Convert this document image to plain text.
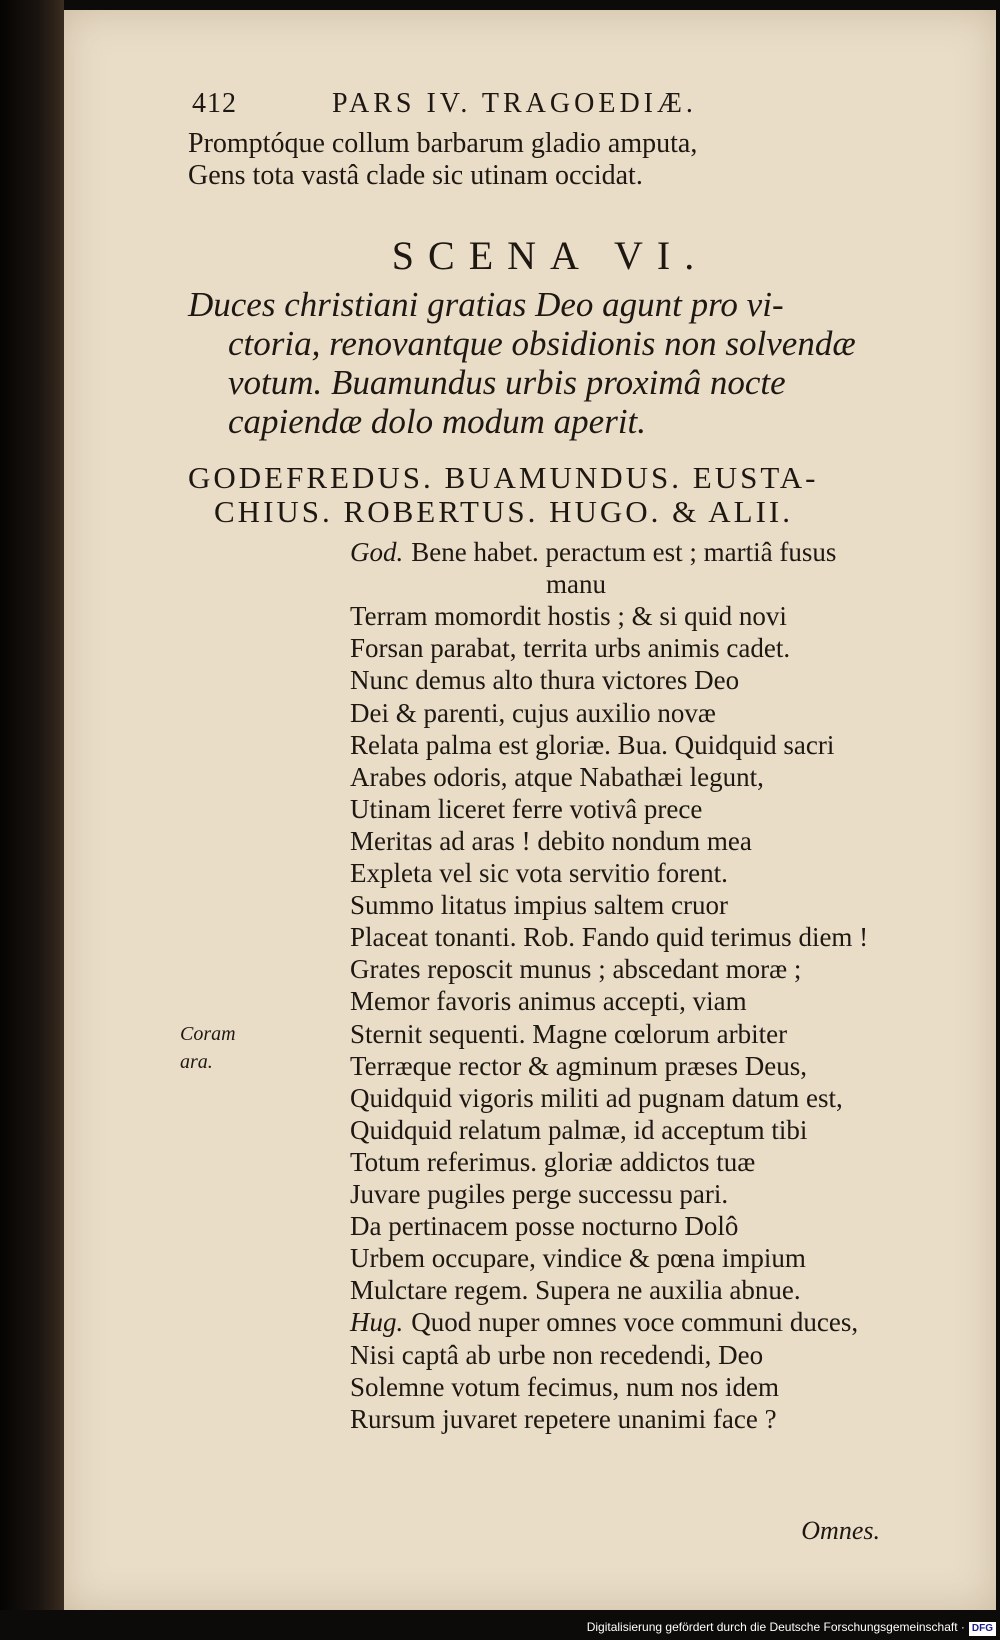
412	PARS IV. TRAGOEDIÆ.
Promptóque collum barbarum gladio amputa,
Gens tota vastâ clade sic utinam occidat.
SCENA VI.
Duces christiani gratias Deo agunt pro vi-
ctoria, renovantque obsidionis non solvendæ
votum. Buamundus urbis proximâ nocte
capiendæ dolo modum aperit.
GODEFREDUS. BUAMUNDUS. EUSTA-
CHIUS. ROBERTUS. HUGO. & ALII.
God. Bene habet. peractum est ; martiâ fusus
manu
Terram momordit hostis ; & si quid novi
Forsan parabat, territa urbs animis cadet.
Nunc demus alto thura victores Deo
Dei & parenti, cujus auxilio novæ
Relata palma est gloriæ. Bua. Quidquid sacri
Arabes odoris, atque Nabathæi legunt,
Utinam liceret ferre votivâ prece
Meritas ad aras ! debito nondum mea
Expleta vel sic vota servitio forent.
Summo litatus impius saltem cruor
Placeat tonanti. Rob. Fando quid terimus diem !
Grates reposcit munus ; abscedant moræ ;
Memor favoris animus accepti, viam
Sternit sequenti. Magne cœlorum arbiter
Terræque rector & agminum præses Deus,
Quidquid vigoris militi ad pugnam datum est,
Quidquid relatum palmæ, id acceptum tibi
Totum referimus. gloriæ addictos tuæ
Juvare pugiles perge successu pari.
Da pertinacem posse nocturno Dolô
Urbem occupare, vindice & pœna impium
Mulctare regem. Supera ne auxilia abnue.
Hug. Quod nuper omnes voce communi duces,
Nisi captâ ab urbe non recedendi, Deo
Solemne votum fecimus, num nos idem
Rursum juvaret repetere unanimi face ?
Coram
ara.
Omnes.
Digitalisierung gefördert durch die Deutsche Forschungsgemeinschaft · DFG
